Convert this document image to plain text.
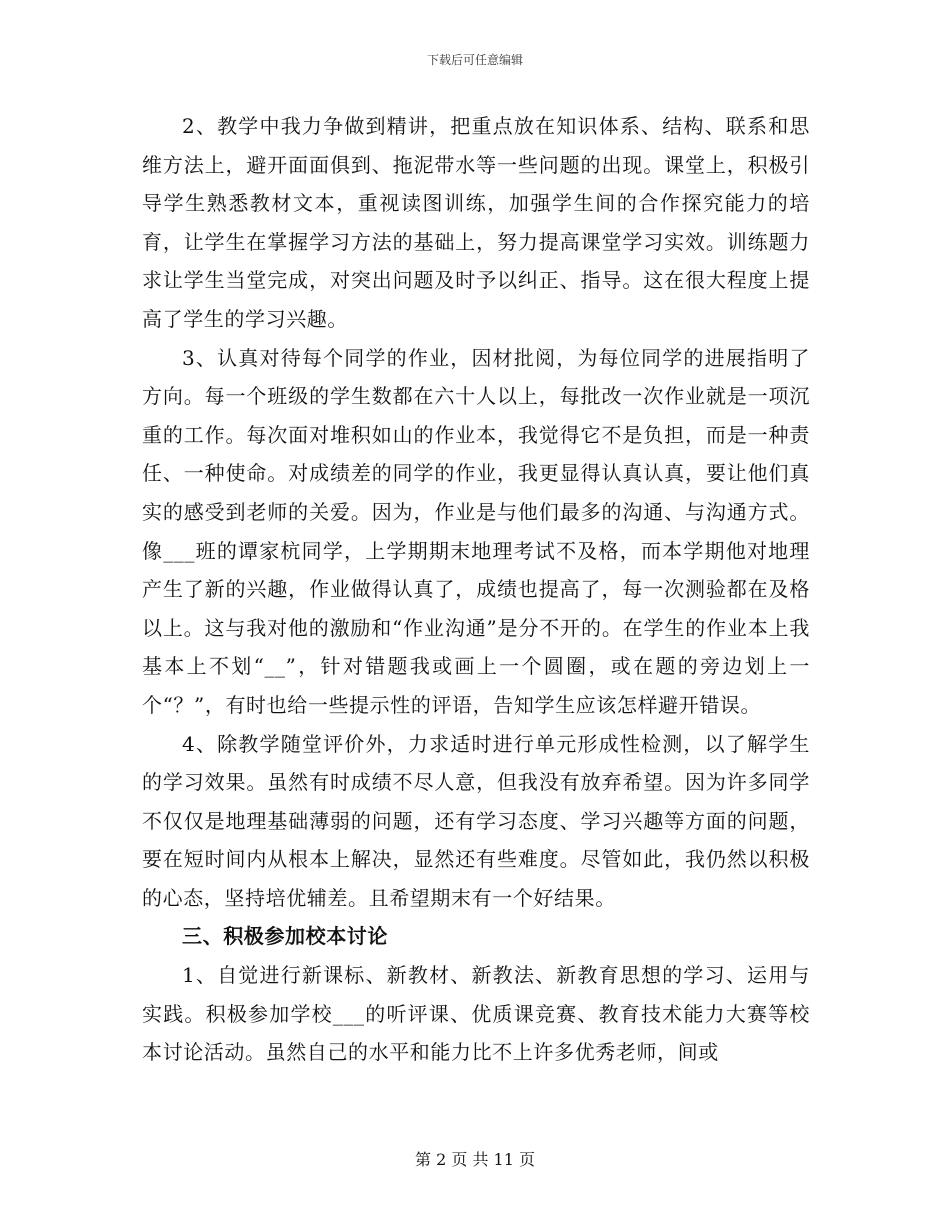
下载后可任意编辑

2、教学中我力争做到精讲，把重点放在知识体系、结构、联系和思维方法上，避开面面俱到、拖泥带水等一些问题的出现。课堂上，积极引导学生熟悉教材文本，重视读图训练，加强学生间的合作探究能力的培育，让学生在掌握学习方法的基础上，努力提高课堂学习实效。训练题力求让学生当堂完成，对突出问题及时予以纠正、指导。这在很大程度上提高了学生的学习兴趣。

3、认真对待每个同学的作业，因材批阅，为每位同学的进展指明了方向。每一个班级的学生数都在六十人以上，每批改一次作业就是一项沉重的工作。每次面对堆积如山的作业本，我觉得它不是负担，而是一种责任、一种使命。对成绩差的同学的作业，我更显得认真认真，要让他们真实的感受到老师的关爱。因为，作业是与他们最多的沟通、与沟通方式。像___班的谭家杭同学，上学期期末地理考试不及格，而本学期他对地理产生了新的兴趣，作业做得认真了，成绩也提高了，每一次测验都在及格以上。这与我对他的激励和“作业沟通”是分不开的。在学生的作业本上我基本上不划“__”，针对错题我或画上一个圆圈，或在题的旁边划上一个“？”，有时也给一些提示性的评语，告知学生应该怎样避开错误。

4、除教学随堂评价外，力求适时进行单元形成性检测，以了解学生的学习效果。虽然有时成绩不尽人意，但我没有放弃希望。因为许多同学不仅仅是地理基础薄弱的问题，还有学习态度、学习兴趣等方面的问题，要在短时间内从根本上解决，显然还有些难度。尽管如此，我仍然以积极的心态，坚持培优辅差。且希望期末有一个好结果。

三、积极参加校本讨论

1、自觉进行新课标、新教材、新教法、新教育思想的学习、运用与实践。积极参加学校___的听评课、优质课竞赛、教育技术能力大赛等校本讨论活动。虽然自己的水平和能力比不上许多优秀老师，间或

第 2 页 共 11 页
